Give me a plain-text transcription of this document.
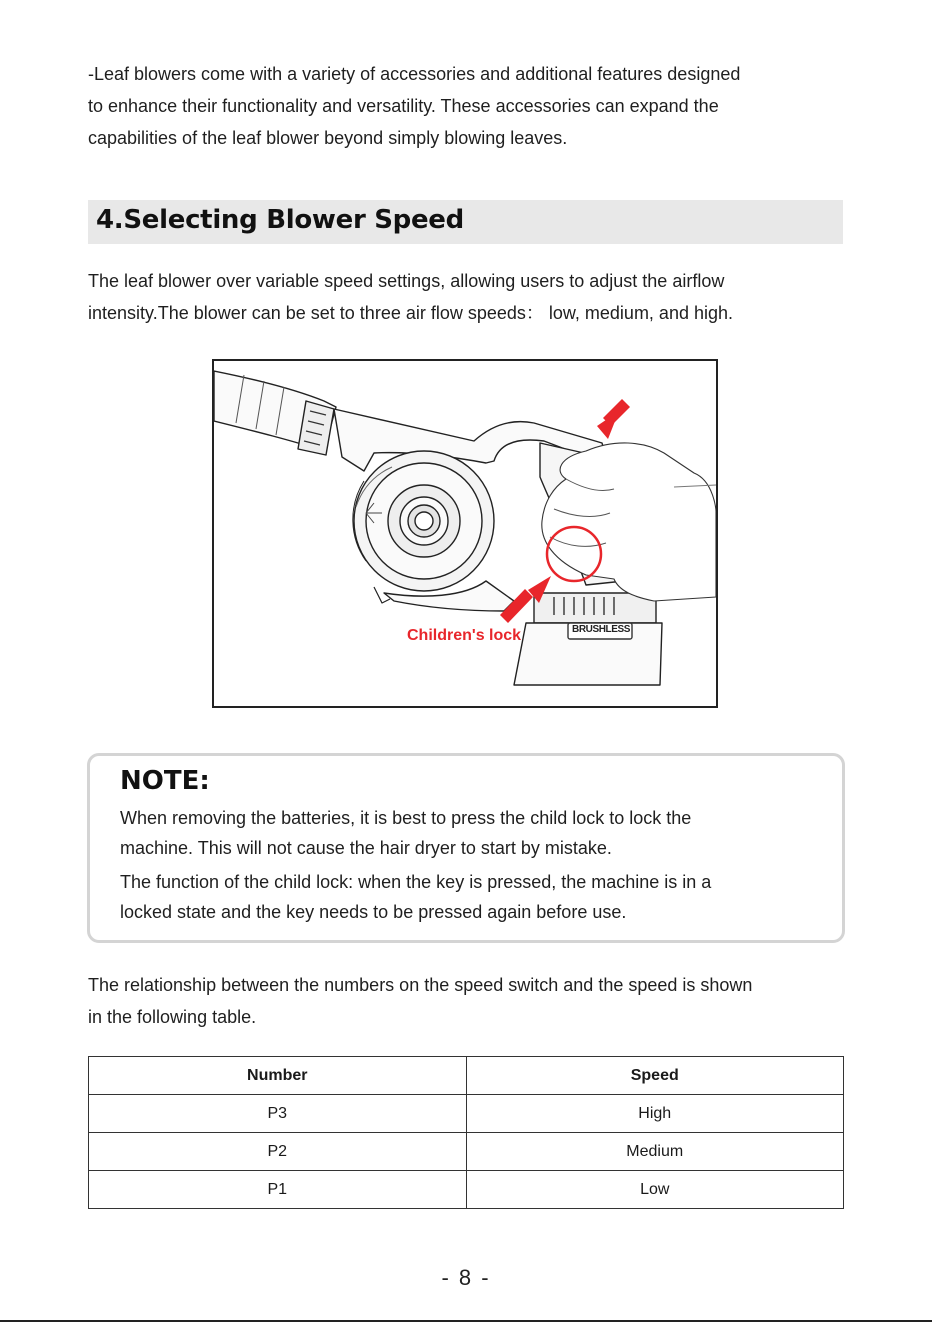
-Leaf blowers come with a variety of accessories and additional features designed
to enhance their functionality and versatility. These accessories can expand the
capabilities of the leaf blower beyond simply blowing leaves.
4.Selecting Blower Speed
The leaf blower over variable speed settings, allowing users to adjust the airflow
intensity.The blower can be set to three air flow speeds： low, medium, and high.
Children's lock	BRUSHLESS
NOTE:
When removing the batteries, it is best to press the child lock to lock the
machine. This will not cause the hair dryer to start by mistake.
The function of the child lock: when the key is pressed, the machine is in a
locked state and the key needs to be pressed again before use.
The relationship between the numbers on the speed switch and the speed is shown
in the following table.
Number	Speed
P3	High
P2	Medium
P1	Low
- 8 -
